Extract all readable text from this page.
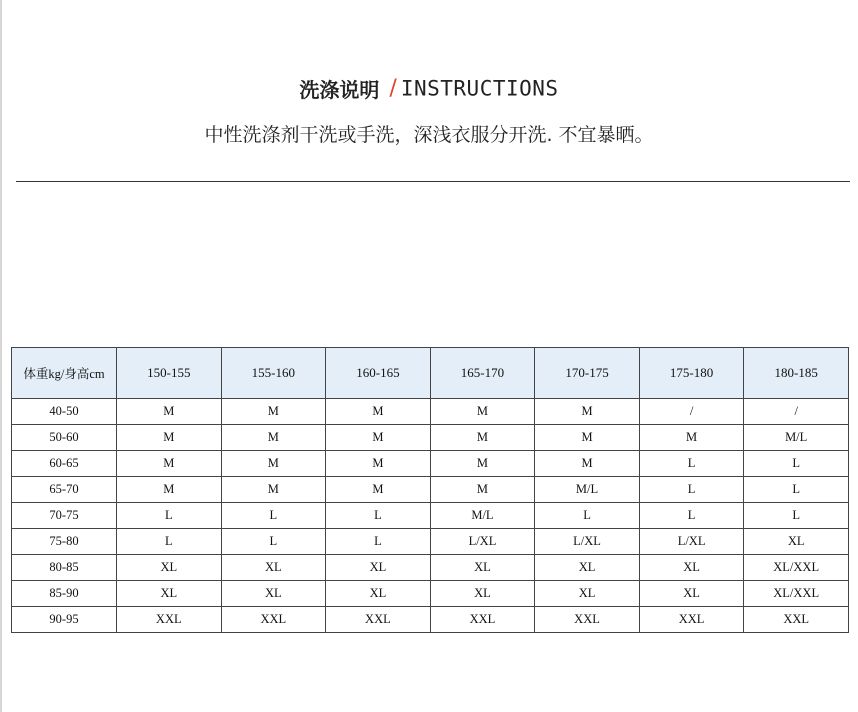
洗涤说明 / INSTRUCTIONS
中性洗涤剂干洗或手洗，深浅衣服分开洗. 不宜暴晒。
体重kg/身高cm	150-155	155-160	160-165	165-170	170-175	175-180	180-185
40-50	M	M	M	M	M	/	/
50-60	M	M	M	M	M	M	M/L
60-65	M	M	M	M	M	L	L
65-70	M	M	M	M	M/L	L	L
70-75	L	L	L	M/L	L	L	L
75-80	L	L	L	L/XL	L/XL	L/XL	XL
80-85	XL	XL	XL	XL	XL	XL	XL/XXL
85-90	XL	XL	XL	XL	XL	XL	XL/XXL
90-95	XXL	XXL	XXL	XXL	XXL	XXL	XXL
